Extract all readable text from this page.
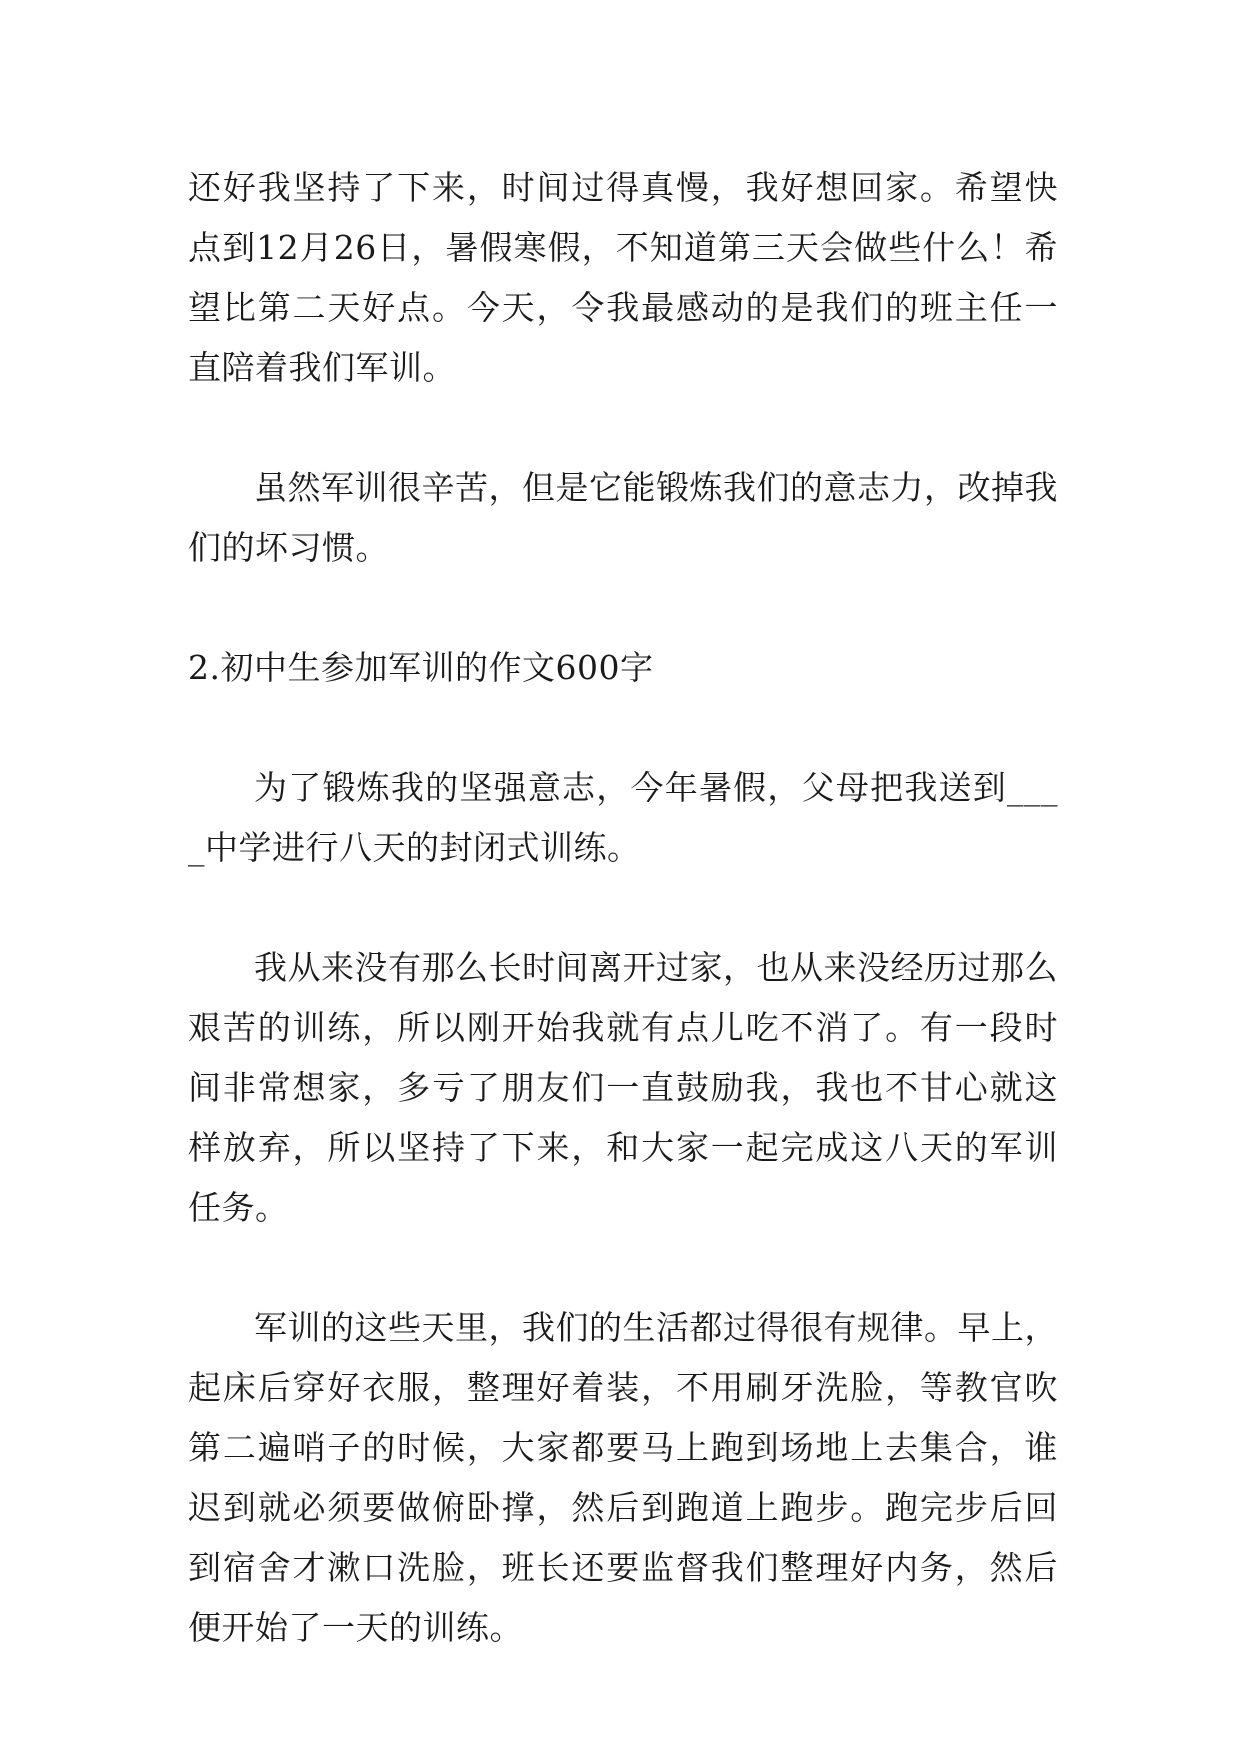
还好我坚持了下来，时间过得真慢，我好想回家。希望快点到12月26日，暑假寒假，不知道第三天会做些什么！希望比第二天好点。今天，令我最感动的是我们的班主任一直陪着我们军训。

虽然军训很辛苦，但是它能锻炼我们的意志力，改掉我们的坏习惯。

2.初中生参加军训的作文600字

为了锻炼我的坚强意志，今年暑假，父母把我送到____中学进行八天的封闭式训练。

我从来没有那么长时间离开过家，也从来没经历过那么艰苦的训练，所以刚开始我就有点儿吃不消了。有一段时间非常想家，多亏了朋友们一直鼓励我，我也不甘心就这样放弃，所以坚持了下来，和大家一起完成这八天的军训任务。

军训的这些天里，我们的生活都过得很有规律。早上，起床后穿好衣服，整理好着装，不用刷牙洗脸，等教官吹第二遍哨子的时候，大家都要马上跑到场地上去集合，谁迟到就必须要做俯卧撑，然后到跑道上跑步。跑完步后回到宿舍才漱口洗脸，班长还要监督我们整理好内务，然后便开始了一天的训练。
